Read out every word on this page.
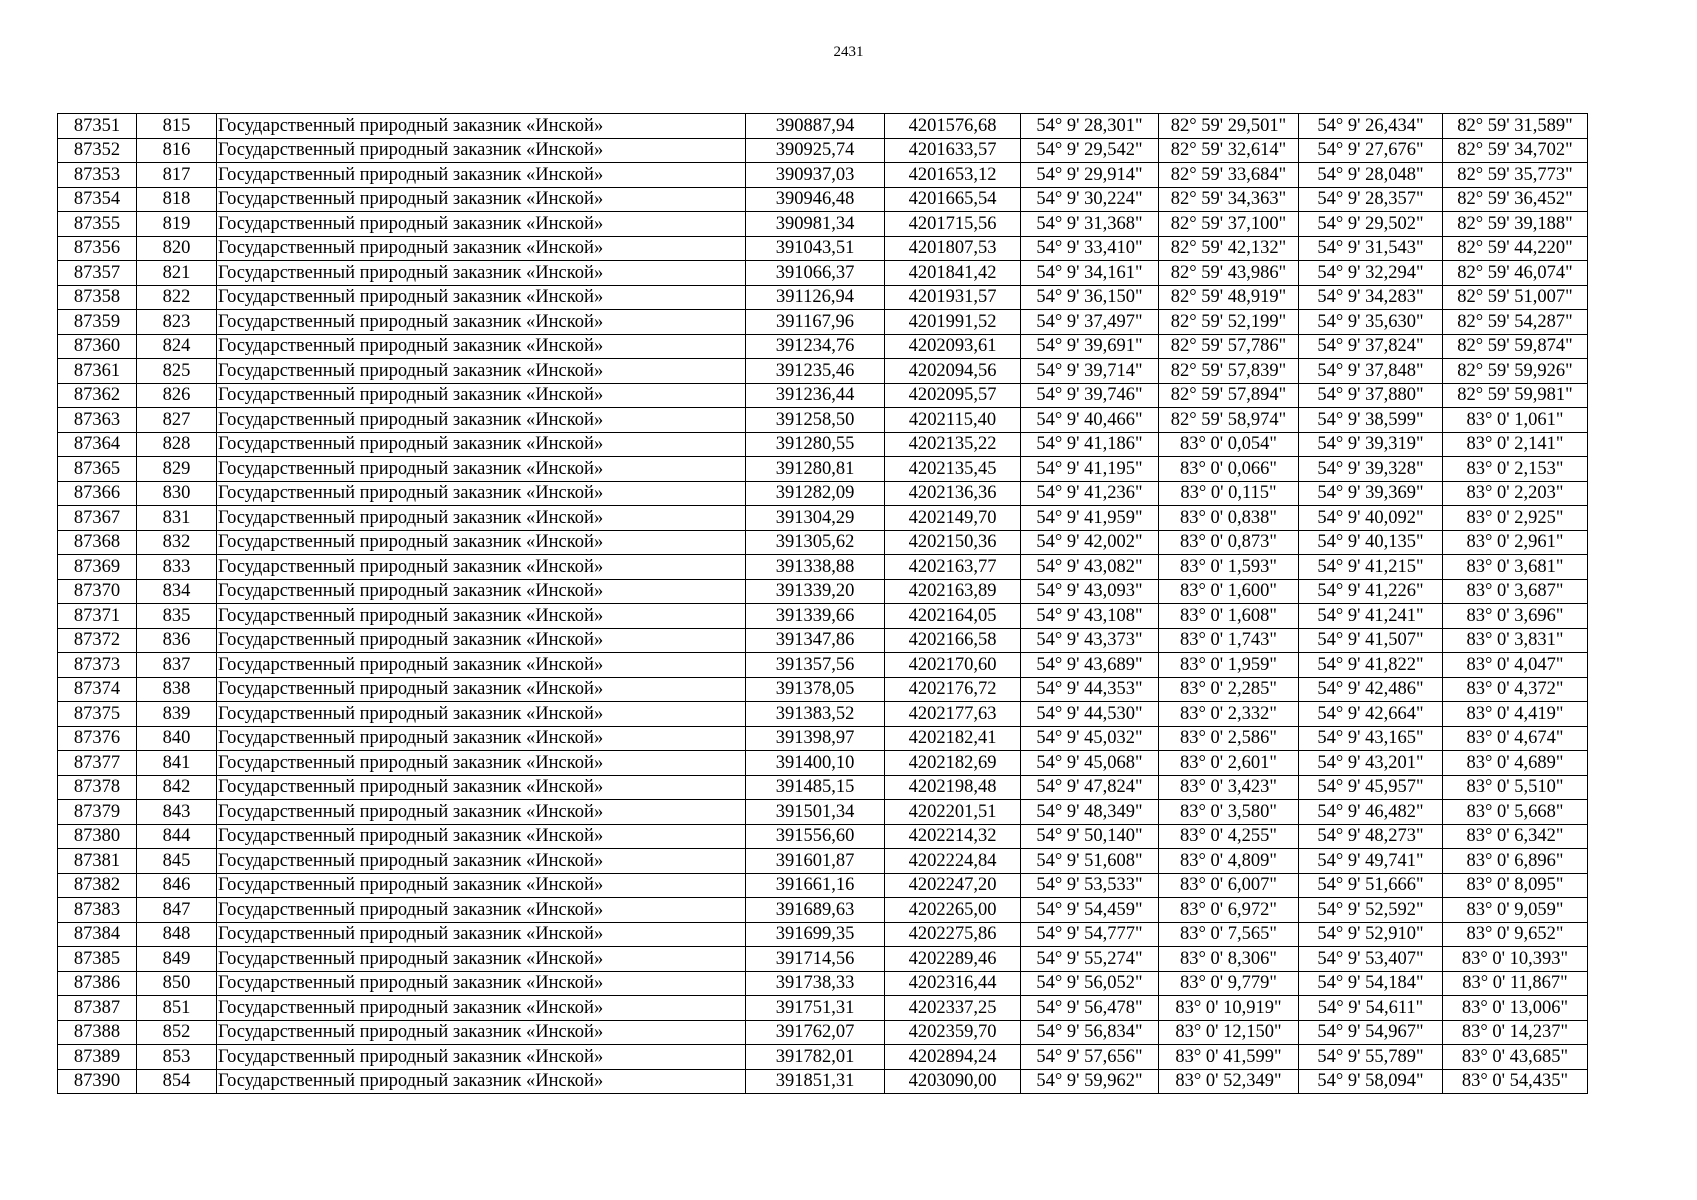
2431
87351	815	Государственный природный заказник «Инской»	390887,94	4201576,68	54° 9' 28,301"	82° 59' 29,501"	54° 9' 26,434"	82° 59' 31,589"
87352	816	Государственный природный заказник «Инской»	390925,74	4201633,57	54° 9' 29,542"	82° 59' 32,614"	54° 9' 27,676"	82° 59' 34,702"
87353	817	Государственный природный заказник «Инской»	390937,03	4201653,12	54° 9' 29,914"	82° 59' 33,684"	54° 9' 28,048"	82° 59' 35,773"
87354	818	Государственный природный заказник «Инской»	390946,48	4201665,54	54° 9' 30,224"	82° 59' 34,363"	54° 9' 28,357"	82° 59' 36,452"
87355	819	Государственный природный заказник «Инской»	390981,34	4201715,56	54° 9' 31,368"	82° 59' 37,100"	54° 9' 29,502"	82° 59' 39,188"
87356	820	Государственный природный заказник «Инской»	391043,51	4201807,53	54° 9' 33,410"	82° 59' 42,132"	54° 9' 31,543"	82° 59' 44,220"
87357	821	Государственный природный заказник «Инской»	391066,37	4201841,42	54° 9' 34,161"	82° 59' 43,986"	54° 9' 32,294"	82° 59' 46,074"
87358	822	Государственный природный заказник «Инской»	391126,94	4201931,57	54° 9' 36,150"	82° 59' 48,919"	54° 9' 34,283"	82° 59' 51,007"
87359	823	Государственный природный заказник «Инской»	391167,96	4201991,52	54° 9' 37,497"	82° 59' 52,199"	54° 9' 35,630"	82° 59' 54,287"
87360	824	Государственный природный заказник «Инской»	391234,76	4202093,61	54° 9' 39,691"	82° 59' 57,786"	54° 9' 37,824"	82° 59' 59,874"
87361	825	Государственный природный заказник «Инской»	391235,46	4202094,56	54° 9' 39,714"	82° 59' 57,839"	54° 9' 37,848"	82° 59' 59,926"
87362	826	Государственный природный заказник «Инской»	391236,44	4202095,57	54° 9' 39,746"	82° 59' 57,894"	54° 9' 37,880"	82° 59' 59,981"
87363	827	Государственный природный заказник «Инской»	391258,50	4202115,40	54° 9' 40,466"	82° 59' 58,974"	54° 9' 38,599"	83° 0' 1,061"
87364	828	Государственный природный заказник «Инской»	391280,55	4202135,22	54° 9' 41,186"	83° 0' 0,054"	54° 9' 39,319"	83° 0' 2,141"
87365	829	Государственный природный заказник «Инской»	391280,81	4202135,45	54° 9' 41,195"	83° 0' 0,066"	54° 9' 39,328"	83° 0' 2,153"
87366	830	Государственный природный заказник «Инской»	391282,09	4202136,36	54° 9' 41,236"	83° 0' 0,115"	54° 9' 39,369"	83° 0' 2,203"
87367	831	Государственный природный заказник «Инской»	391304,29	4202149,70	54° 9' 41,959"	83° 0' 0,838"	54° 9' 40,092"	83° 0' 2,925"
87368	832	Государственный природный заказник «Инской»	391305,62	4202150,36	54° 9' 42,002"	83° 0' 0,873"	54° 9' 40,135"	83° 0' 2,961"
87369	833	Государственный природный заказник «Инской»	391338,88	4202163,77	54° 9' 43,082"	83° 0' 1,593"	54° 9' 41,215"	83° 0' 3,681"
87370	834	Государственный природный заказник «Инской»	391339,20	4202163,89	54° 9' 43,093"	83° 0' 1,600"	54° 9' 41,226"	83° 0' 3,687"
87371	835	Государственный природный заказник «Инской»	391339,66	4202164,05	54° 9' 43,108"	83° 0' 1,608"	54° 9' 41,241"	83° 0' 3,696"
87372	836	Государственный природный заказник «Инской»	391347,86	4202166,58	54° 9' 43,373"	83° 0' 1,743"	54° 9' 41,507"	83° 0' 3,831"
87373	837	Государственный природный заказник «Инской»	391357,56	4202170,60	54° 9' 43,689"	83° 0' 1,959"	54° 9' 41,822"	83° 0' 4,047"
87374	838	Государственный природный заказник «Инской»	391378,05	4202176,72	54° 9' 44,353"	83° 0' 2,285"	54° 9' 42,486"	83° 0' 4,372"
87375	839	Государственный природный заказник «Инской»	391383,52	4202177,63	54° 9' 44,530"	83° 0' 2,332"	54° 9' 42,664"	83° 0' 4,419"
87376	840	Государственный природный заказник «Инской»	391398,97	4202182,41	54° 9' 45,032"	83° 0' 2,586"	54° 9' 43,165"	83° 0' 4,674"
87377	841	Государственный природный заказник «Инской»	391400,10	4202182,69	54° 9' 45,068"	83° 0' 2,601"	54° 9' 43,201"	83° 0' 4,689"
87378	842	Государственный природный заказник «Инской»	391485,15	4202198,48	54° 9' 47,824"	83° 0' 3,423"	54° 9' 45,957"	83° 0' 5,510"
87379	843	Государственный природный заказник «Инской»	391501,34	4202201,51	54° 9' 48,349"	83° 0' 3,580"	54° 9' 46,482"	83° 0' 5,668"
87380	844	Государственный природный заказник «Инской»	391556,60	4202214,32	54° 9' 50,140"	83° 0' 4,255"	54° 9' 48,273"	83° 0' 6,342"
87381	845	Государственный природный заказник «Инской»	391601,87	4202224,84	54° 9' 51,608"	83° 0' 4,809"	54° 9' 49,741"	83° 0' 6,896"
87382	846	Государственный природный заказник «Инской»	391661,16	4202247,20	54° 9' 53,533"	83° 0' 6,007"	54° 9' 51,666"	83° 0' 8,095"
87383	847	Государственный природный заказник «Инской»	391689,63	4202265,00	54° 9' 54,459"	83° 0' 6,972"	54° 9' 52,592"	83° 0' 9,059"
87384	848	Государственный природный заказник «Инской»	391699,35	4202275,86	54° 9' 54,777"	83° 0' 7,565"	54° 9' 52,910"	83° 0' 9,652"
87385	849	Государственный природный заказник «Инской»	391714,56	4202289,46	54° 9' 55,274"	83° 0' 8,306"	54° 9' 53,407"	83° 0' 10,393"
87386	850	Государственный природный заказник «Инской»	391738,33	4202316,44	54° 9' 56,052"	83° 0' 9,779"	54° 9' 54,184"	83° 0' 11,867"
87387	851	Государственный природный заказник «Инской»	391751,31	4202337,25	54° 9' 56,478"	83° 0' 10,919"	54° 9' 54,611"	83° 0' 13,006"
87388	852	Государственный природный заказник «Инской»	391762,07	4202359,70	54° 9' 56,834"	83° 0' 12,150"	54° 9' 54,967"	83° 0' 14,237"
87389	853	Государственный природный заказник «Инской»	391782,01	4202894,24	54° 9' 57,656"	83° 0' 41,599"	54° 9' 55,789"	83° 0' 43,685"
87390	854	Государственный природный заказник «Инской»	391851,31	4203090,00	54° 9' 59,962"	83° 0' 52,349"	54° 9' 58,094"	83° 0' 54,435"
